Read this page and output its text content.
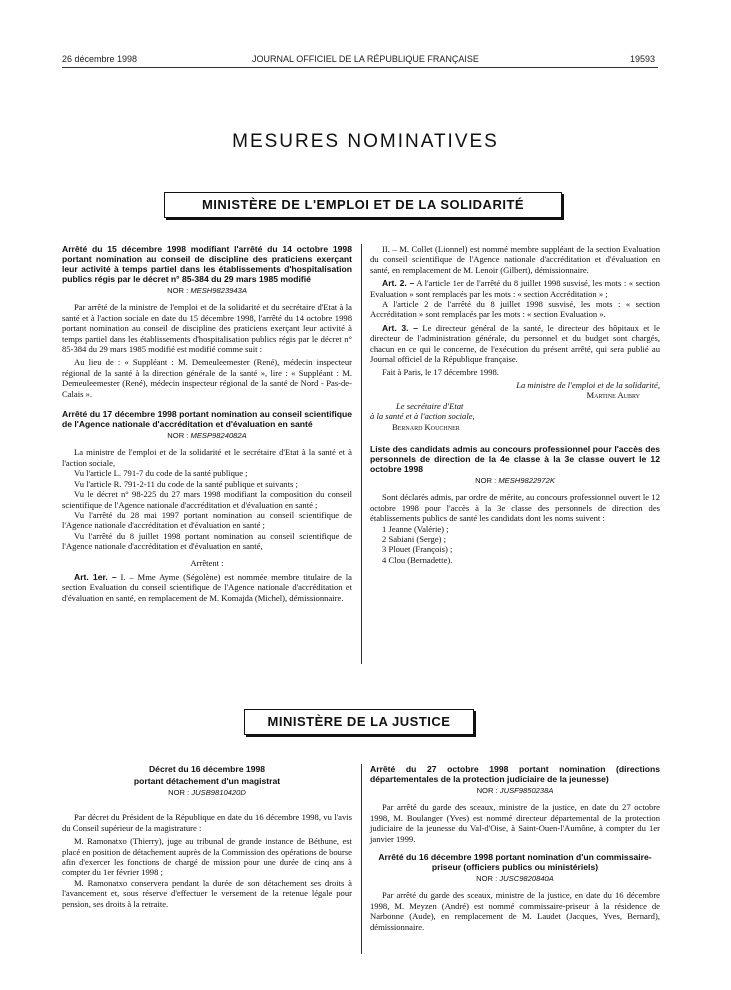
26 décembre 1998	JOURNAL OFFICIEL DE LA RÉPUBLIQUE FRANÇAISE	19593
MESURES NOMINATIVES
MINISTÈRE DE L'EMPLOI ET DE LA SOLIDARITÉ
Arrêté du 15 décembre 1998 modifiant l'arrêté du 14 octobre 1998 portant nomination au conseil de discipline des praticiens exerçant leur activité à temps partiel dans les établissements d'hospitalisation publics régis par le décret n° 85-384 du 29 mars 1985 modifié
NOR : MESH9823943A

Par arrêté de la ministre de l'emploi et de la solidarité et du secrétaire d'Etat à la santé et à l'action sociale en date du 15 décembre 1998, l'arrêté du 14 octobre 1998 portant nomination au conseil de discipline des praticiens exerçant leur activité à temps partiel dans les établissements d'hospitalisation publics régis par le décret n° 85-384 du 29 mars 1985 modifié est modifié comme suit :

Au lieu de : « Suppléant : M. Demeuleemester (René), médecin inspecteur régional de la santé à la direction générale de la santé », lire : « Suppléant : M. Demeuleemester (René), médecin inspecteur régional de la santé de Nord - Pas-de-Calais ».

Arrêté du 17 décembre 1998 portant nomination au conseil scientifique de l'Agence nationale d'accréditation et d'évaluation en santé
NOR : MESP9824082A

La ministre de l'emploi et de la solidarité et le secrétaire d'Etat à la santé et à l'action sociale,

Vu l'article L. 791-7 du code de la santé publique ;

Vu l'article R. 791-2-11 du code de la santé publique et suivants ;

Vu le décret n° 98-225 du 27 mars 1998 modifiant la composition du conseil scientifique de l'Agence nationale d'accréditation et d'évaluation en santé ;

Vu l'arrêté du 28 mai 1997 portant nomination au conseil scientifique de l'Agence nationale d'accréditation et d'évaluation en santé ;

Vu l'arrêté du 8 juillet 1998 portant nomination au conseil scientifique de l'Agence nationale d'accréditation et d'évaluation en santé,

Arrêtent :

Art. 1er. – I. – Mme Ayme (Ségolène) est nommée membre titulaire de la section Evaluation du conseil scientifique de l'Agence nationale d'accréditation et d'évaluation en santé, en remplacement de M. Komajda (Michel), démissionnaire.

II. – M. Collet (Lionnel) est nommé membre suppléant de la section Evaluation du conseil scientifique de l'Agence nationale d'accréditation et d'évaluation en santé, en remplacement de M. Lenoir (Gilbert), démissionnaire.

Art. 2. – A l'article 1er de l'arrêté du 8 juillet 1998 susvisé, les mots : « section Evaluation » sont remplacés par les mots : « section Accréditation » ;

A l'article 2 de l'arrêté du 8 juillet 1998 susvisé, les mots : « section Accréditation » sont remplacés par les mots : « section Evaluation ».

Art. 3. – Le directeur général de la santé, le directeur des hôpitaux et le directeur de l'administration générale, du personnel et du budget sont chargés, chacun en ce qui le concerne, de l'exécution du présent arrêté, qui sera publié au Journal officiel de la République française.

Fait à Paris, le 17 décembre 1998.

La ministre de l'emploi et de la solidarité,
Martine Aubry
Le secrétaire d'Etat
à la santé et à l'action sociale,
Bernard Kouchner
Liste des candidats admis au concours professionnel pour l'accès des personnels de direction de la 4e classe à la 3e classe ouvert le 12 octobre 1998
NOR : MESH9822972K

Sont déclarés admis, par ordre de mérite, au concours professionnel ouvert le 12 octobre 1998 pour l'accès à la 3e classe des personnels de direction des établissements publics de santé les candidats dont les noms suivent :

1 Jeanne (Valérie) ;
2 Sabiani (Serge) ;
3 Plouet (François) ;
4 Clou (Bernadette).
MINISTÈRE DE LA JUSTICE
Décret du 16 décembre 1998
portant détachement d'un magistrat
NOR : JUSB9810420D

Par décret du Président de la République en date du 16 décembre 1998, vu l'avis du Conseil supérieur de la magistrature :

M. Ramonatxo (Thierry), juge au tribunal de grande instance de Béthune, est placé en position de détachement auprès de la Commission des opérations de bourse afin d'exercer les fonctions de chargé de mission pour une durée de cinq ans à compter du 1er février 1998 ;

M. Ramonatxo conservera pendant la durée de son détachement ses droits à l'avancement et, sous réserve d'effectuer le versement de la retenue légale pour pension, ses droits à la retraite.

Arrêté du 27 octobre 1998 portant nomination (directions départementales de la protection judiciaire de la jeunesse)
NOR : JUSF9850238A

Par arrêté du garde des sceaux, ministre de la justice, en date du 27 octobre 1998, M. Boulanger (Yves) est nommé directeur départemental de la protection judiciaire de la jeunesse du Val-d'Oise, à Saint-Ouen-l'Aumône, à compter du 1er janvier 1999.

Arrêté du 16 décembre 1998 portant nomination d'un commissaire-priseur (officiers publics ou ministériels)
NOR : JUSC9820840A

Par arrêté du garde des sceaux, ministre de la justice, en date du 16 décembre 1998, M. Meyzen (André) est nommé commissaire-priseur à la résidence de Narbonne (Aude), en remplacement de M. Laudet (Jacques, Yves, Bernard), démissionnaire.
